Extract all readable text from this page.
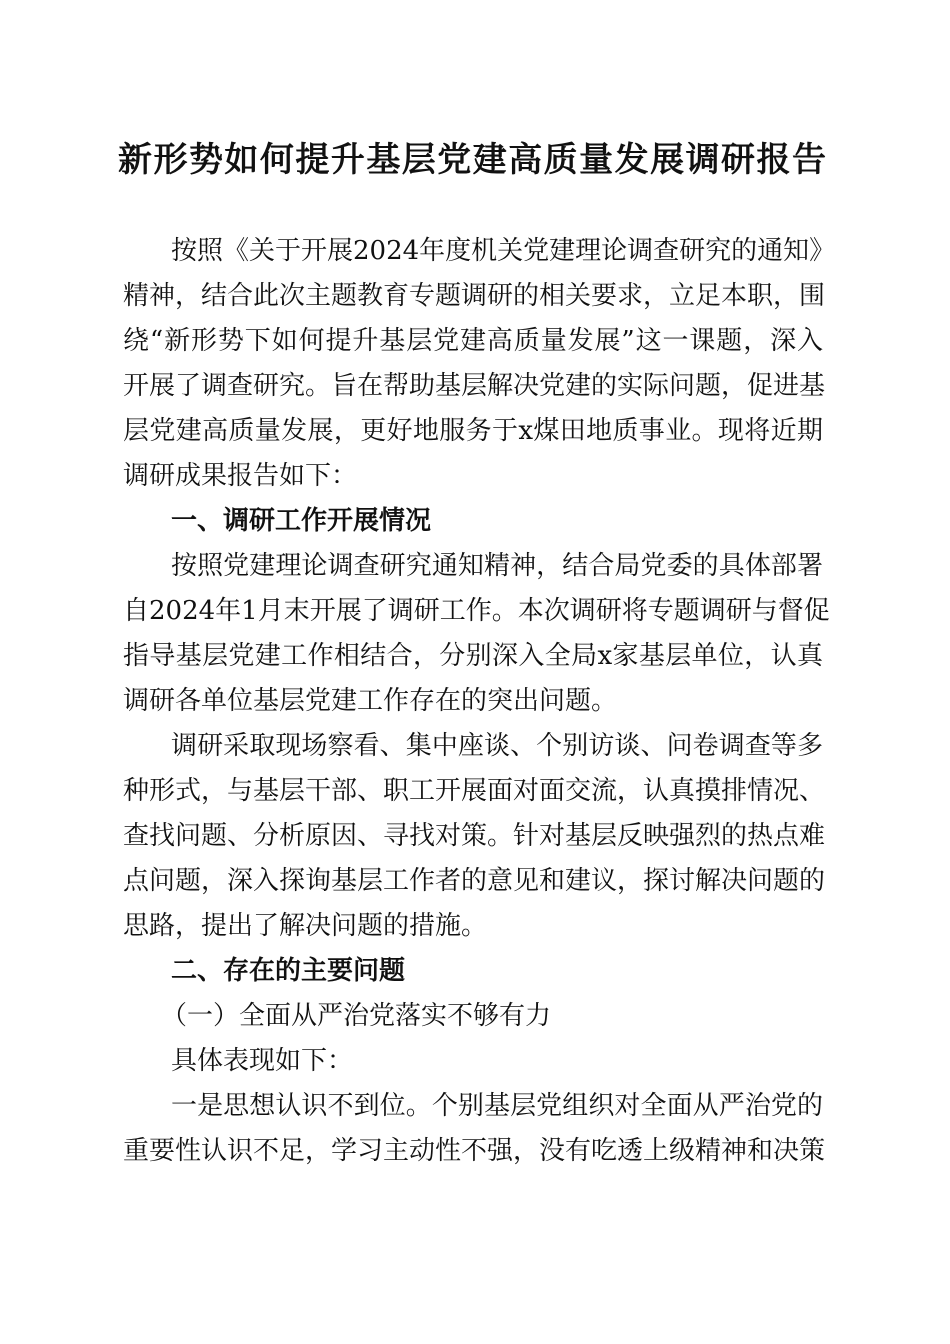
新形势如何提升基层党建高质量发展调研报告
按照《关于开展2024年度机关党建理论调查研究的通知》
精神，结合此次主题教育专题调研的相关要求，立足本职，围
绕“新形势下如何提升基层党建高质量发展”这一课题，深入
开展了调查研究。旨在帮助基层解决党建的实际问题，促进基
层党建高质量发展，更好地服务于x煤田地质事业。现将近期
调研成果报告如下：
一、调研工作开展情况
按照党建理论调查研究通知精神，结合局党委的具体部署
自2024年1月末开展了调研工作。本次调研将专题调研与督促
指导基层党建工作相结合，分别深入全局x家基层单位，认真
调研各单位基层党建工作存在的突出问题。
调研采取现场察看、集中座谈、个别访谈、问卷调查等多
种形式，与基层干部、职工开展面对面交流，认真摸排情况、
查找问题、分析原因、寻找对策。针对基层反映强烈的热点难
点问题，深入探询基层工作者的意见和建议，探讨解决问题的
思路，提出了解决问题的措施。
二、存在的主要问题
（一）全面从严治党落实不够有力
具体表现如下：
一是思想认识不到位。个别基层党组织对全面从严治党的
重要性认识不足，学习主动性不强，没有吃透上级精神和决策
